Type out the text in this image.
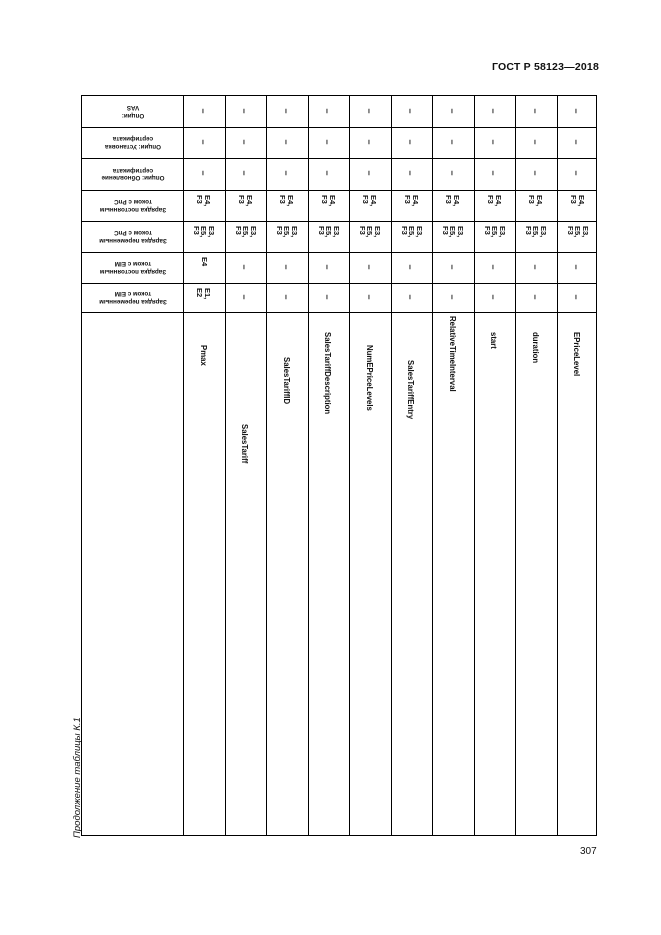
ГОСТ Р 58123—2018
Продолжение таблицы К.1
307
Опции:
VAS
Опции: Установка
сертификата
Опции: Обновление
сертификата
Зарядка постоянным
током с PnC
Зарядка переменным
током с PnC
Зарядка постоянным
током с EIM
Зарядка переменным
током с EIM
Pmax
–
–
–
E4, F3
E3, E5, F3
E4
E1, E2
SalesTariff
–
–
–
E4, F3
E3, E5, F3
–
–
SalesTariffID
–
–
–
E4, F3
E3, E5, F3
–
–
SalesTariffDescription
–
–
–
E4, F3
E3, E5, F3
–
–
NumEPriceLevels
–
–
–
E4, F3
E3, E5, F3
–
–
SalesTariffEntry
–
–
–
E4, F3
E3, E5, F3
–
–
RelativeTimeInterval
–
–
–
E4, F3
E3, E5, F3
–
–
start
–
–
–
E4, F3
E3, E5, F3
–
–
duration
–
–
–
E4, F3
E3, E5, F3
–
–
EPriceLevel
–
–
–
E4, F3
E3, E5, F3
–
–
